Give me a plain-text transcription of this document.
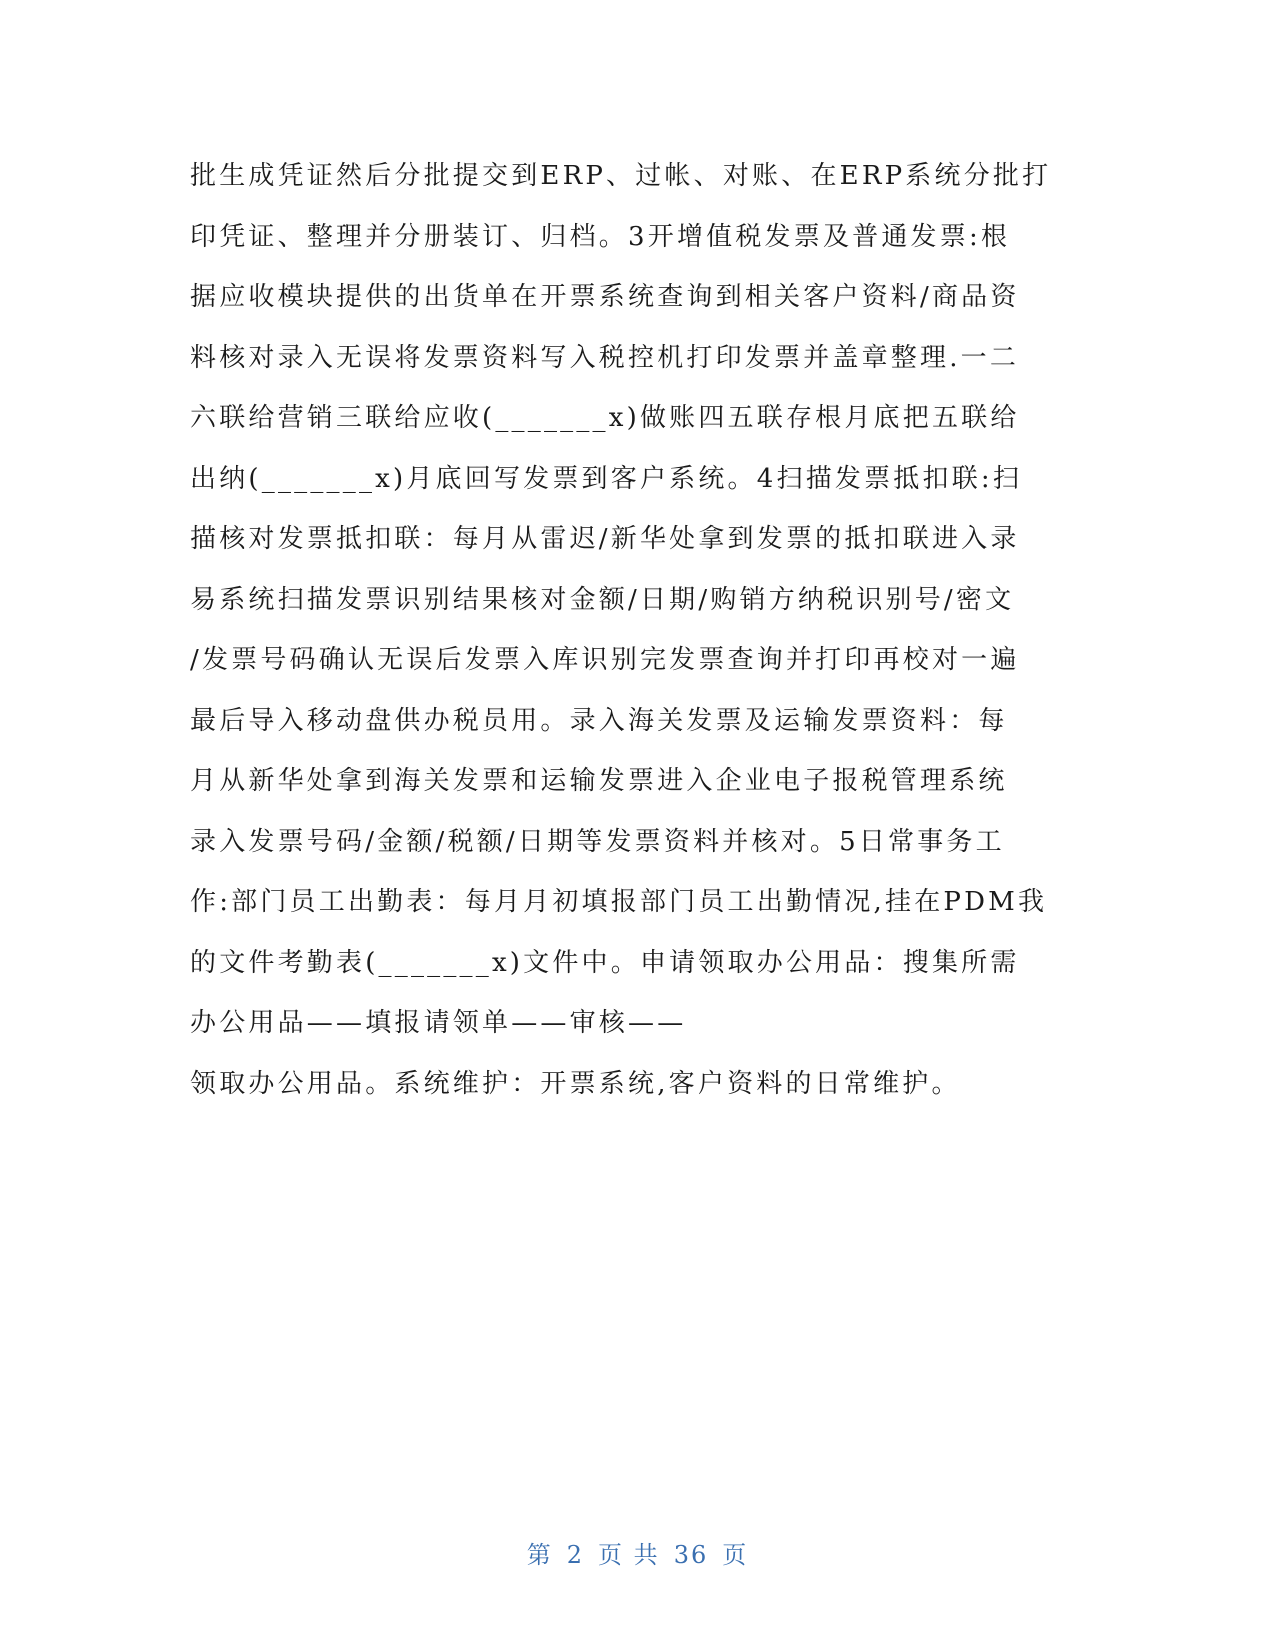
批生成凭证然后分批提交到ERP、过帐、对账、在ERP系统分批打
印凭证、整理并分册装订、归档。3开增值税发票及普通发票:根
据应收模块提供的出货单在开票系统查询到相关客户资料/商品资
料核对录入无误将发票资料写入税控机打印发票并盖章整理.一二
六联给营销三联给应收(_______x)做账四五联存根月底把五联给
出纳(_______x)月底回写发票到客户系统。4扫描发票抵扣联:扫
描核对发票抵扣联：每月从雷迟/新华处拿到发票的抵扣联进入录
易系统扫描发票识别结果核对金额/日期/购销方纳税识别号/密文
/发票号码确认无误后发票入库识别完发票查询并打印再校对一遍
最后导入移动盘供办税员用。录入海关发票及运输发票资料：每
月从新华处拿到海关发票和运输发票进入企业电子报税管理系统
录入发票号码/金额/税额/日期等发票资料并核对。5日常事务工
作:部门员工出勤表：每月月初填报部门员工出勤情况,挂在PDM我
的文件考勤表(_______x)文件中。申请领取办公用品：搜集所需
办公用品——填报请领单——审核——
领取办公用品。系统维护：开票系统,客户资料的日常维护。
第 2 页 共 36 页
